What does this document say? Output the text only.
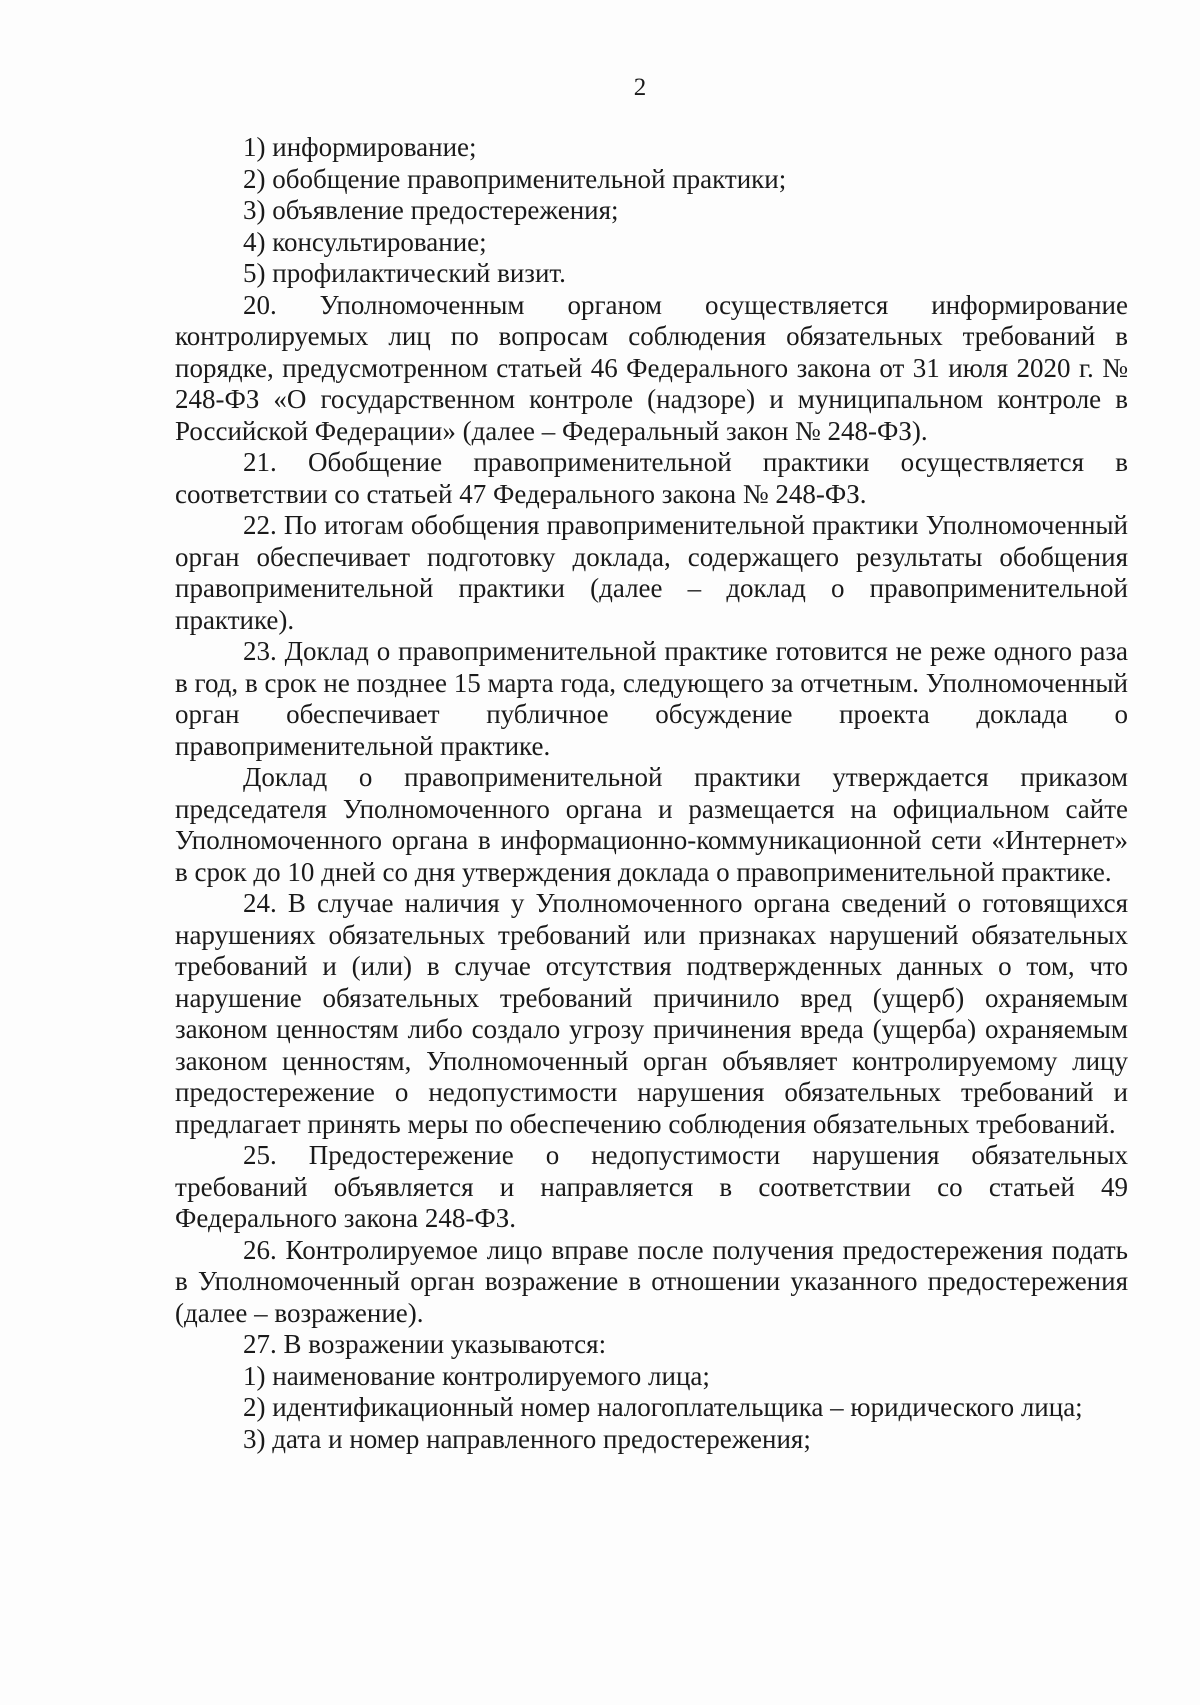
2

1) информирование;

2) обобщение правоприменительной практики;

3) объявление предостережения;

4) консультирование;

5) профилактический визит.

20. Уполномоченным органом осуществляется информирование контролируемых лиц по вопросам соблюдения обязательных требований в порядке, предусмотренном статьей 46 Федерального закона от 31 июля 2020 г. № 248-ФЗ «О государственном контроле (надзоре) и муниципальном контроле в Российской Федерации» (далее – Федеральный закон № 248-ФЗ).

21. Обобщение правоприменительной практики осуществляется в соответствии со статьей 47 Федерального закона № 248-ФЗ.

22. По итогам обобщения правоприменительной практики Уполномоченный орган обеспечивает подготовку доклада, содержащего результаты обобщения правоприменительной практики (далее – доклад о правоприменительной практике).

23. Доклад о правоприменительной практике готовится не реже одного раза в год, в срок не позднее 15 марта года, следующего за отчетным. Уполномоченный орган обеспечивает публичное обсуждение проекта доклада о правоприменительной практике.

Доклад о правоприменительной практики утверждается приказом председателя Уполномоченного органа и размещается на официальном сайте Уполномоченного органа в информационно-коммуникационной сети «Интернет» в срок до 10 дней со дня утверждения доклада о правоприменительной практике.

24. В случае наличия у Уполномоченного органа сведений о готовящихся нарушениях обязательных требований или признаках нарушений обязательных требований и (или) в случае отсутствия подтвержденных данных о том, что нарушение обязательных требований причинило вред (ущерб) охраняемым законом ценностям либо создало угрозу причинения вреда (ущерба) охраняемым законом ценностям, Уполномоченный орган объявляет контролируемому лицу предостережение о недопустимости нарушения обязательных требований и предлагает принять меры по обеспечению соблюдения обязательных требований.

25. Предостережение о недопустимости нарушения обязательных требований объявляется и направляется в соответствии со статьей 49 Федерального закона 248-ФЗ.

26. Контролируемое лицо вправе после получения предостережения подать в Уполномоченный орган возражение в отношении указанного предостережения (далее – возражение).

27. В возражении указываются:

1) наименование контролируемого лица;

2) идентификационный номер налогоплательщика – юридического лица;

3) дата и номер направленного предостережения;
